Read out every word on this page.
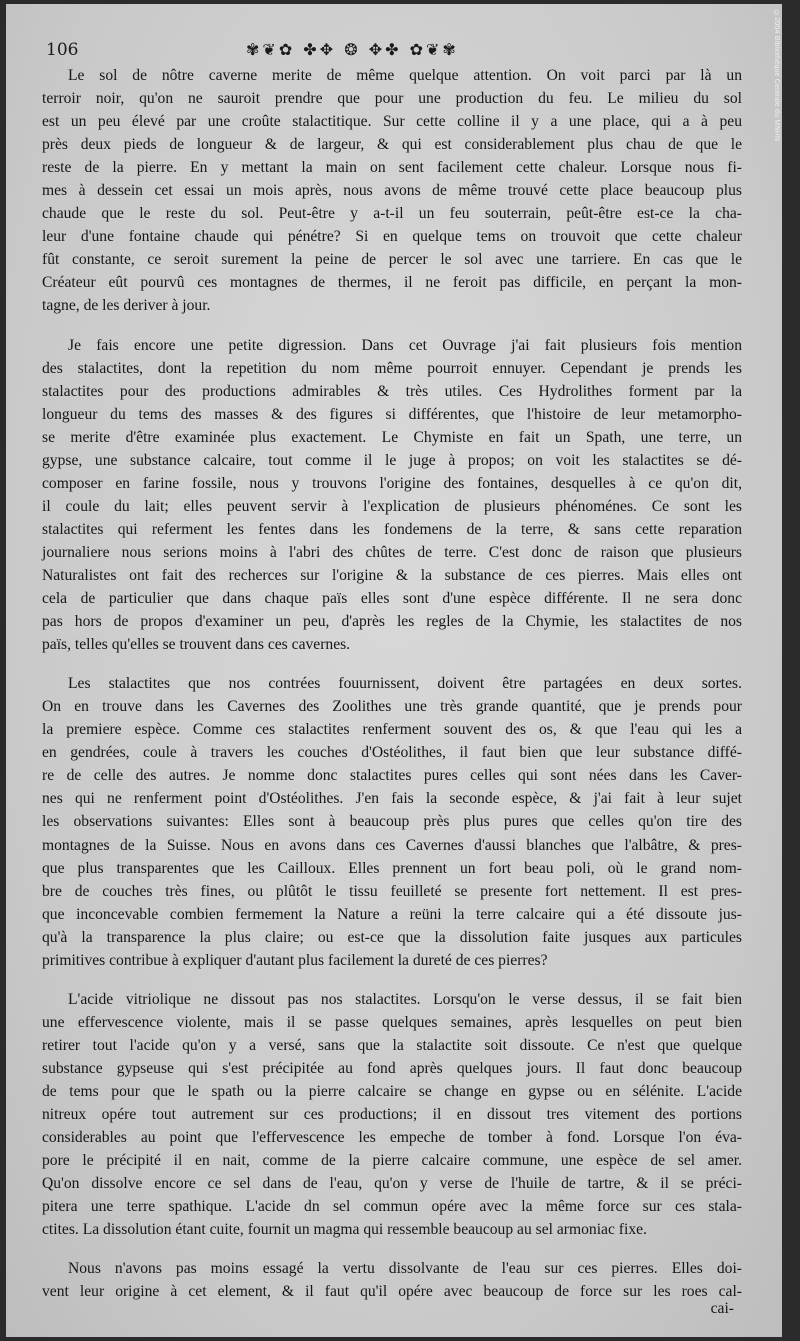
©2004 Bibliothèque Centrale du MNHN
106	✾❦✿ ✤✥ ❂ ✥✤ ✿❦✾

Le sol de nôtre caverne merite de même quelque attention. On voit parci par là un
terroir noir, qu'on ne sauroit prendre que pour une production du feu. Le milieu du sol
est un peu élevé par une croûte stalactitique. Sur cette colline il y a une place, qui a à peu
près deux pieds de longueur & de largeur, & qui est considerablement plus chau de que le
reste de la pierre. En y mettant la main on sent facilement cette chaleur. Lorsque nous fi-
mes à dessein cet essai un mois après, nous avons de même trouvé cette place beaucoup plus
chaude que le reste du sol. Peut-être y a-t-il un feu souterrain, peût-être est-ce la cha-
leur d'une fontaine chaude qui pénétre? Si en quelque tems on trouvoit que cette chaleur
fût constante, ce seroit surement la peine de percer le sol avec une tarriere. En cas que le
Créateur eût pourvû ces montagnes de thermes, il ne feroit pas difficile, en perçant la mon-
tagne, de les deriver à jour.

Je fais encore une petite digression. Dans cet Ouvrage j'ai fait plusieurs fois mention
des stalactites, dont la repetition du nom même pourroit ennuyer. Cependant je prends les
stalactites pour des productions admirables & très utiles. Ces Hydrolithes forment par la
longueur du tems des masses & des figures si différentes, que l'histoire de leur metamorpho-
se merite d'être examinée plus exactement. Le Chymiste en fait un Spath, une terre, un
gypse, une substance calcaire, tout comme il le juge à propos; on voit les stalactites se dé-
composer en farine fossile, nous y trouvons l'origine des fontaines, desquelles à ce qu'on dit,
il coule du lait; elles peuvent servir à l'explication de plusieurs phénoménes. Ce sont les
stalactites qui referment les fentes dans les fondemens de la terre, & sans cette reparation
journaliere nous serions moins à l'abri des chûtes de terre. C'est donc de raison que plusieurs
Naturalistes ont fait des recherces sur l'origine & la substance de ces pierres. Mais elles ont
cela de particulier que dans chaque païs elles sont d'une espèce différente. Il ne sera donc
pas hors de propos d'examiner un peu, d'après les regles de la Chymie, les stalactites de nos
païs, telles qu'elles se trouvent dans ces cavernes.

Les stalactites que nos contrées fouurnissent, doivent être partagées en deux sortes.
On en trouve dans les Cavernes des Zoolithes une très grande quantité, que je prends pour
la premiere espèce. Comme ces stalactites renferment souvent des os, & que l'eau qui les a
en gendrées, coule à travers les couches d'Ostéolithes, il faut bien que leur substance diffé-
re de celle des autres. Je nomme donc stalactites pures celles qui sont nées dans les Caver-
nes qui ne renferment point d'Ostéolithes. J'en fais la seconde espèce, & j'ai fait à leur sujet
les observations suivantes: Elles sont à beaucoup près plus pures que celles qu'on tire des
montagnes de la Suisse. Nous en avons dans ces Cavernes d'aussi blanches que l'albâtre, & pres-
que plus transparentes que les Cailloux. Elles prennent un fort beau poli, où le grand nom-
bre de couches très fines, ou plûtôt le tissu feuilleté se presente fort nettement. Il est pres-
que inconcevable combien fermement la Nature a reüni la terre calcaire qui a été dissoute jus-
qu'à la transparence la plus claire; ou est-ce que la dissolution faite jusques aux particules
primitives contribue à expliquer d'autant plus facilement la dureté de ces pierres?

L'acide vitriolique ne dissout pas nos stalactites. Lorsqu'on le verse dessus, il se fait bien
une effervescence violente, mais il se passe quelques semaines, après lesquelles on peut bien
retirer tout l'acide qu'on y a versé, sans que la stalactite soit dissoute. Ce n'est que quelque
substance gypseuse qui s'est précipitée au fond après quelques jours. Il faut donc beaucoup
de tems pour que le spath ou la pierre calcaire se change en gypse ou en sélénite. L'acide
nitreux opére tout autrement sur ces productions; il en dissout tres vitement des portions
considerables au point que l'effervescence les empeche de tomber à fond. Lorsque l'on éva-
pore le précipité il en nait, comme de la pierre calcaire commune, une espèce de sel amer.
Qu'on dissolve encore ce sel dans de l'eau, qu'on y verse de l'huile de tartre, & il se préci-
pitera une terre spathique. L'acide dn sel commun opére avec la même force sur ces stala-
ctites. La dissolution étant cuite, fournit un magma qui ressemble beaucoup au sel armoniac fixe.

Nous n'avons pas moins essagé la vertu dissolvante de l'eau sur ces pierres. Elles doi-
vent leur origine à cet element, & il faut qu'il opére avec beaucoup de force sur les roes cal-

cai-
